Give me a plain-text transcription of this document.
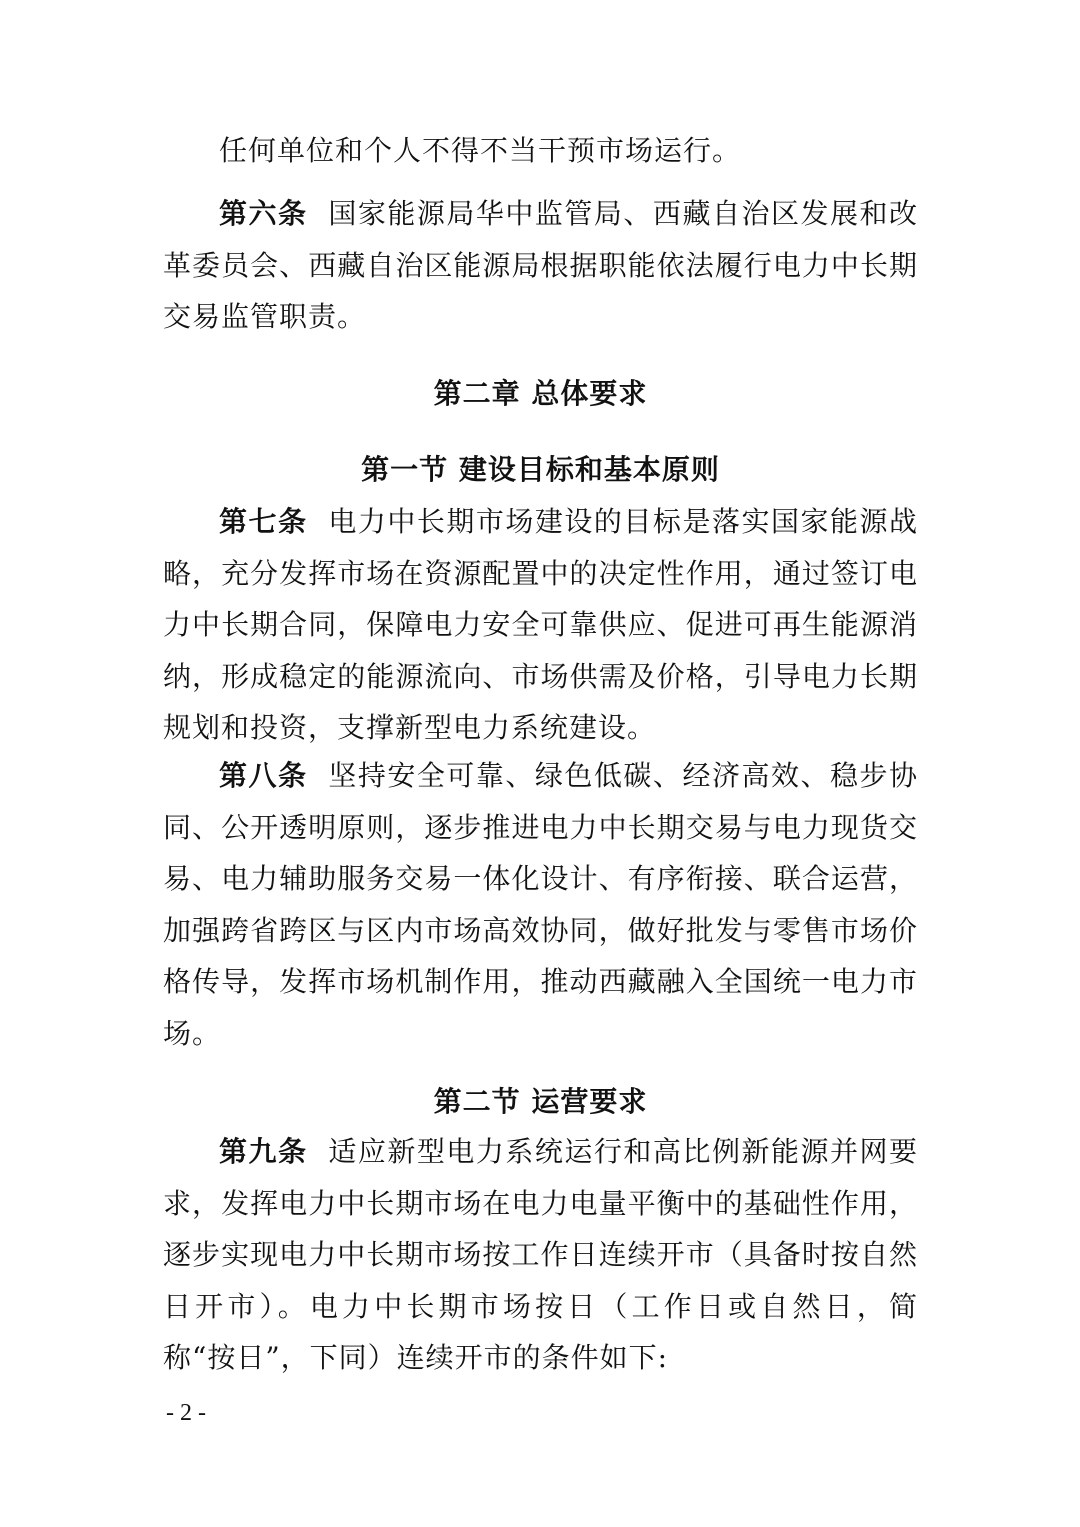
任何单位和个人不得不当干预市场运行。

第六条 国家能源局华中监管局、西藏自治区发展和改革委员会、西藏自治区能源局根据职能依法履行电力中长期交易监管职责。

第二章 总体要求
第一节 建设目标和基本原则

第七条 电力中长期市场建设的目标是落实国家能源战略，充分发挥市场在资源配置中的决定性作用，通过签订电力中长期合同，保障电力安全可靠供应、促进可再生能源消纳，形成稳定的能源流向、市场供需及价格，引导电力长期规划和投资，支撑新型电力系统建设。

第八条 坚持安全可靠、绿色低碳、经济高效、稳步协同、公开透明原则，逐步推进电力中长期交易与电力现货交易、电力辅助服务交易一体化设计、有序衔接、联合运营，加强跨省跨区与区内市场高效协同，做好批发与零售市场价格传导，发挥市场机制作用，推动西藏融入全国统一电力市场。

第二节 运营要求

第九条 适应新型电力系统运行和高比例新能源并网要求，发挥电力中长期市场在电力电量平衡中的基础性作用，逐步实现电力中长期市场按工作日连续开市（具备时按自然日开市）。电力中长期市场按日（工作日或自然日，简称“按日”，下同）连续开市的条件如下:

- 2 -
